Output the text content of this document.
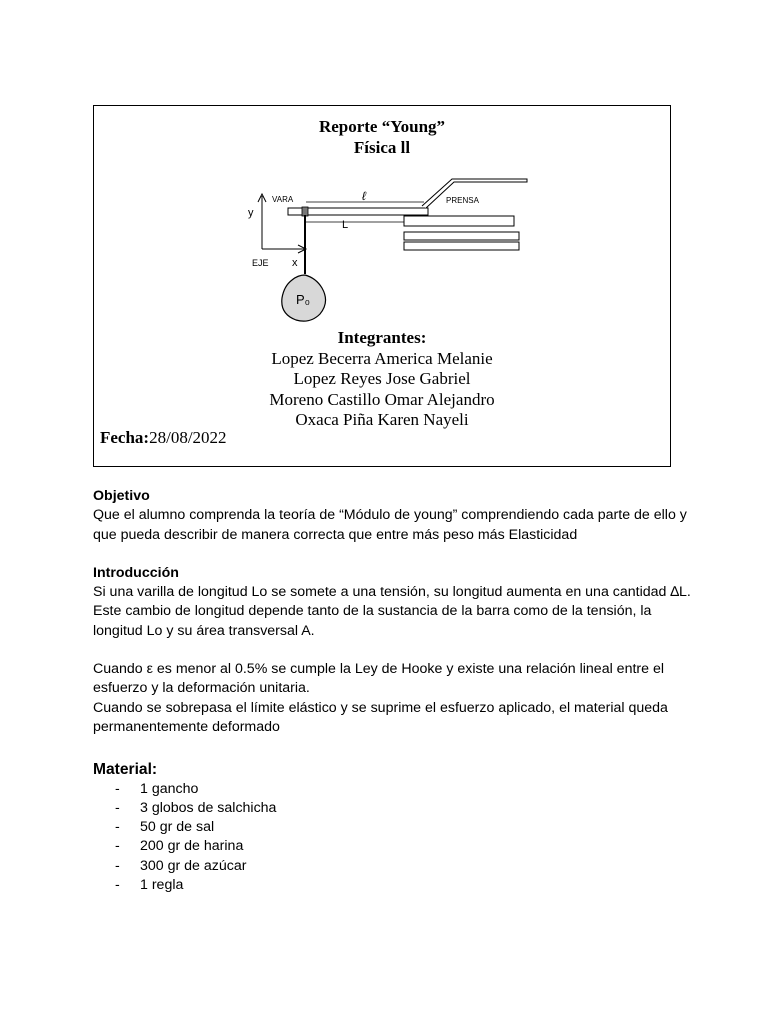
Reporte “Young”
Física ll
y
EJE x
VARA	ℓ
L
PRENSA
P₀
Integrantes:
Lopez Becerra America Melanie
Lopez Reyes Jose Gabriel
Moreno Castillo Omar Alejandro
Oxaca Piña Karen Nayeli
Fecha:28/08/2022
Objetivo

Que el alumno comprenda la teoría de “Módulo de young” comprendiendo cada parte de ello y que pueda describir de manera correcta que entre más peso más Elasticidad

Introducción

Si una varilla de longitud Lo se somete a una tensión, su longitud aumenta en una cantidad ∆L. Este cambio de longitud depende tanto de la sustancia de la barra como de la tensión, la longitud Lo y su área transversal A.

Cuando ε es menor al 0.5% se cumple la Ley de Hooke y existe una relación lineal entre el esfuerzo y la deformación unitaria.

Cuando se sobrepasa el límite elástico y se suprime el esfuerzo aplicado, el material queda permanentemente deformado

Material:
- 1 gancho
- 3 globos de salchicha
- 50 gr de sal
- 200 gr de harina
- 300 gr de azúcar
- 1 regla
